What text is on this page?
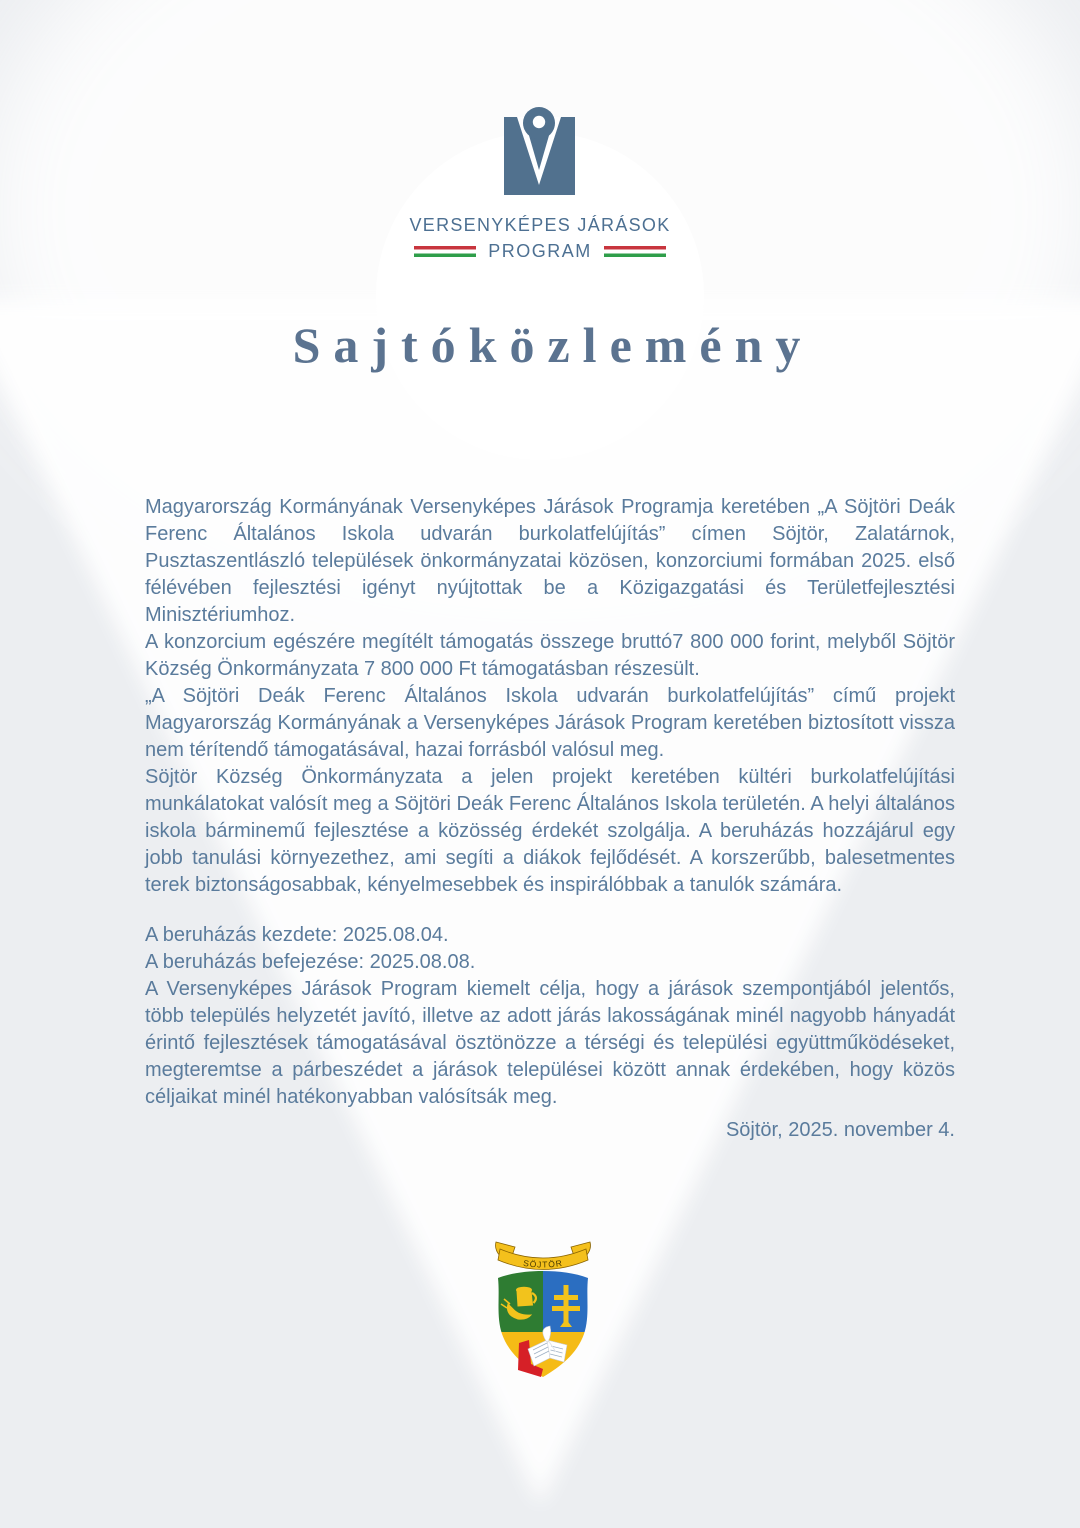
VERSENYKÉPES JÁRÁSOK
PROGRAM
Sajtóközlemény

Magyarország Kormányának Versenyképes Járások Programja keretében „A Söjtöri Deák Ferenc Általános Iskola udvarán burkolatfelújítás” címen Söjtör, Zalatárnok, Pusztaszentlászló települések önkormányzatai közösen, konzorciumi formában 2025. első félévében fejlesztési igényt nyújtottak be a Közigazgatási és Területfejlesztési Minisztériumhoz.

A konzorcium egészére megítélt támogatás összege bruttó7 800 000 forint, melyből Söjtör Község Önkormányzata 7 800 000 Ft támogatásban részesült.

„A Söjtöri Deák Ferenc Általános Iskola udvarán burkolatfelújítás” című projekt Magyarország Kormányának a Versenyképes Járások Program keretében biztosított vissza nem térítendő támogatásával, hazai forrásból valósul meg.

Söjtör Község Önkormányzata a jelen projekt keretében kültéri burkolatfelújítási munkálatokat valósít meg a Söjtöri Deák Ferenc Általános Iskola területén. A helyi általános iskola bárminemű fejlesztése a közösség érdekét szolgálja. A beruházás hozzájárul egy jobb tanulási környezethez, ami segíti a diákok fejlődését. A korszerűbb, balesetmentes terek biztonságosabbak, kényelmesebbek és inspirálóbbak a tanulók számára.

A beruházás kezdete: 2025.08.04.
A beruházás befejezése: 2025.08.08.

A Versenyképes Járások Program kiemelt célja, hogy a járások szempontjából jelentős, több település helyzetét javító, illetve az adott járás lakosságának minél nagyobb hányadát érintő fejlesztések támogatásával ösztönözze a térségi és települési együttműködéseket, megteremtse a párbeszédet a járások települései között annak érdekében, hogy közös céljaikat minél hatékonyabban valósítsák meg.

Söjtör, 2025. november 4.
SÖJTÖR
